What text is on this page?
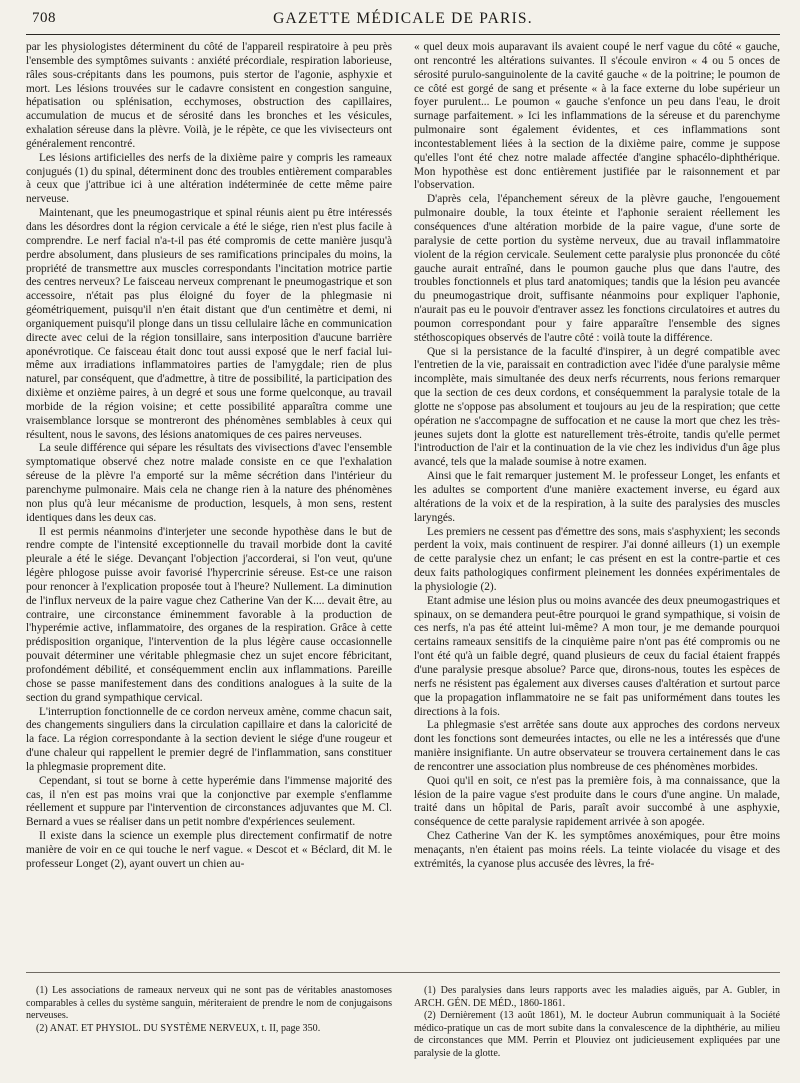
708	GAZETTE MÉDICALE DE PARIS.

par les physiologistes déterminent du côté de l'appareil respiratoire à peu près l'ensemble des symptômes suivants : anxiété précordiale, respiration laborieuse, râles sous-crépitants dans les poumons, puis stertor de l'agonie, asphyxie et mort. Les lésions trouvées sur le cadavre consistent en congestion sanguine, hépatisation ou splénisation, ecchymoses, obstruction des capillaires, accumulation de mucus et de sérosité dans les bronches et les vésicules, exhalation séreuse dans la plèvre. Voilà, je le répète, ce que les vivisecteurs ont généralement rencontré.

Les lésions artificielles des nerfs de la dixième paire y compris les rameaux conjugués (1) du spinal, déterminent donc des troubles entièrement comparables à ceux que j'attribue ici à une altération indéterminée de cette même paire nerveuse.

Maintenant, que les pneumogastrique et spinal réunis aient pu être intéressés dans les désordres dont la région cervicale a été le siége, rien n'est plus facile à comprendre. Le nerf facial n'a-t-il pas été compromis de cette manière jusqu'à perdre absolument, dans plusieurs de ses ramifications principales du moins, la propriété de transmettre aux muscles correspondants l'incitation motrice partie des centres nerveux? Le faisceau nerveux comprenant le pneumogastrique et son accessoire, n'était pas plus éloigné du foyer de la phlegmasie ni géométriquement, puisqu'il n'en était distant que d'un centimètre et demi, ni organiquement puisqu'il plonge dans un tissu cellulaire lâche en communication directe avec celui de la région tonsillaire, sans interposition d'aucune barrière aponévrotique. Ce faisceau était donc tout aussi exposé que le nerf facial lui-même aux irradiations inflammatoires parties de l'amygdale; rien de plus naturel, par conséquent, que d'admettre, à titre de possibilité, la participation des dixième et onzième paires, à un degré et sous une forme quelconque, au travail morbide de la région voisine; et cette possibilité apparaîtra comme une vraisemblance lorsque se montreront des phénomènes semblables à ceux qui résultent, nous le savons, des lésions anatomiques de ces paires nerveuses.

La seule différence qui sépare les résultats des vivisections d'avec l'ensemble symptomatique observé chez notre malade consiste en ce que l'exhalation séreuse de la plèvre l'a emporté sur la même sécrétion dans l'intérieur du parenchyme pulmonaire. Mais cela ne change rien à la nature des phénomènes non plus qu'à leur mécanisme de production, lesquels, à mon sens, restent identiques dans les deux cas.

Il est permis néanmoins d'interjeter une seconde hypothèse dans le but de rendre compte de l'intensité exceptionnelle du travail morbide dont la cavité pleurale a été le siége. Devançant l'objection j'accorderai, si l'on veut, qu'une légère phlogose puisse avoir favorisé l'hypercrinie séreuse. Est-ce une raison pour renoncer à l'explication proposée tout à l'heure? Nullement. La diminution de l'influx nerveux de la paire vague chez Catherine Van der K.... devait être, au contraire, une circonstance éminemment favorable à la production de l'hyperémie active, inflammatoire, des organes de la respiration. Grâce à cette prédisposition organique, l'intervention de la plus légère cause occasionnelle pouvait déterminer une véritable phlegmasie chez un sujet encore fébricitant, profondément débilité, et conséquemment enclin aux inflammations. Pareille chose se passe manifestement dans des conditions analogues à la suite de la section du grand sympathique cervical.

L'interruption fonctionnelle de ce cordon nerveux amène, comme chacun sait, des changements singuliers dans la circulation capillaire et dans la caloricité de la face. La région correspondante à la section devient le siége d'une rougeur et d'une chaleur qui rappellent le premier degré de l'inflammation, sans constituer la phlegmasie proprement dite.

Cependant, si tout se borne à cette hyperémie dans l'immense majorité des cas, il n'en est pas moins vrai que la conjonctive par exemple s'enflamme réellement et suppure par l'intervention de circonstances adjuvantes que M. Cl. Bernard a vues se réaliser dans un petit nombre d'expériences seulement.

Il existe dans la science un exemple plus directement confirmatif de notre manière de voir en ce qui touche le nerf vague. « Descot et « Béclard, dit M. le professeur Longet (2), ayant ouvert un chien au-

« quel deux mois auparavant ils avaient coupé le nerf vague du côté « gauche, ont rencontré les altérations suivantes. Il s'écoule environ « 4 ou 5 onces de sérosité purulo-sanguinolente de la cavité gauche « de la poitrine; le poumon de ce côté est gorgé de sang et présente « à la face externe du lobe supérieur un foyer purulent... Le poumon « gauche s'enfonce un peu dans l'eau, le droit surnage parfaitement. » Ici les inflammations de la séreuse et du parenchyme pulmonaire sont également évidentes, et ces inflammations sont incontestablement liées à la section de la dixième paire, comme je suppose qu'elles l'ont été chez notre malade affectée d'angine sphacélo-diphthérique. Mon hypothèse est donc entièrement justifiée par le raisonnement et par l'observation.

D'après cela, l'épanchement séreux de la plèvre gauche, l'engouement pulmonaire double, la toux éteinte et l'aphonie seraient réellement les conséquences d'une altération morbide de la paire vague, d'une sorte de paralysie de cette portion du système nerveux, due au travail inflammatoire violent de la région cervicale. Seulement cette paralysie plus prononcée du côté gauche aurait entraîné, dans le poumon gauche plus que dans l'autre, des troubles fonctionnels et plus tard anatomiques; tandis que la lésion peu avancée du pneumogastrique droit, suffisante néanmoins pour expliquer l'aphonie, n'aurait pas eu le pouvoir d'entraver assez les fonctions circulatoires et autres du poumon correspondant pour y faire apparaître l'ensemble des signes stéthoscopiques observés de l'autre côté : voilà toute la différence.

Que si la persistance de la faculté d'inspirer, à un degré compatible avec l'entretien de la vie, paraissait en contradiction avec l'idée d'une paralysie même incomplète, mais simultanée des deux nerfs récurrents, nous ferions remarquer que la section de ces deux cordons, et conséquemment la paralysie totale de la glotte ne s'oppose pas absolument et toujours au jeu de la respiration; que cette opération ne s'accompagne de suffocation et ne cause la mort que chez les très-jeunes sujets dont la glotte est naturellement très-étroite, tandis qu'elle permet l'introduction de l'air et la continuation de la vie chez les individus d'un âge plus avancé, tels que la malade soumise à notre examen.

Ainsi que le fait remarquer justement M. le professeur Longet, les enfants et les adultes se comportent d'une manière exactement inverse, eu égard aux altérations de la voix et de la respiration, à la suite des paralysies des muscles laryngés.

Les premiers ne cessent pas d'émettre des sons, mais s'asphyxient; les seconds perdent la voix, mais continuent de respirer. J'ai donné ailleurs (1) un exemple de cette paralysie chez un enfant; le cas présent en est la contre-partie et ces deux faits pathologiques confirment pleinement les données expérimentales de la physiologie (2).

Etant admise une lésion plus ou moins avancée des deux pneumogastriques et spinaux, on se demandera peut-être pourquoi le grand sympathique, si voisin de ces nerfs, n'a pas été atteint lui-même? A mon tour, je me demande pourquoi certains rameaux sensitifs de la cinquième paire n'ont pas été compromis ou ne l'ont été qu'à un faible degré, quand plusieurs de ceux du facial étaient frappés d'une paralysie presque absolue? Parce que, dirons-nous, toutes les espèces de nerfs ne résistent pas également aux diverses causes d'altération et surtout parce que la propagation inflammatoire ne se fait pas uniformément dans toutes les directions à la fois.

La phlegmasie s'est arrêtée sans doute aux approches des cordons nerveux dont les fonctions sont demeurées intactes, ou elle ne les a intéressés que d'une manière insignifiante. Un autre observateur se trouvera certainement dans le cas de rencontrer une association plus nombreuse de ces phénomènes morbides.

Quoi qu'il en soit, ce n'est pas la première fois, à ma connaissance, que la lésion de la paire vague s'est produite dans le cours d'une angine. Un malade, traité dans un hôpital de Paris, paraît avoir succombé à une asphyxie, conséquence de cette paralysie rapidement arrivée à son apogée.

Chez Catherine Van der K. les symptômes anoxémiques, pour être moins menaçants, n'en étaient pas moins réels. La teinte violacée du visage et des extrémités, la cyanose plus accusée des lèvres, la fré-

(1) Les associations de rameaux nerveux qui ne sont pas de véritables anastomoses comparables à celles du système sanguin, mériteraient de prendre le nom de conjugaisons nerveuses.

(2) ANAT. ET PHYSIOL. DU SYSTÈME NERVEUX, t. II, page 350.

(1) Des paralysies dans leurs rapports avec les maladies aiguës, par A. Gubler, in ARCH. GÉN. DE MÉD., 1860-1861.

(2) Dernièrement (13 août 1861), M. le docteur Aubrun communiquait à la Société médico-pratique un cas de mort subite dans la convalescence de la diphthérie, au milieu de circonstances que MM. Perrin et Plouviez ont judicieusement expliquées par une paralysie de la glotte.
